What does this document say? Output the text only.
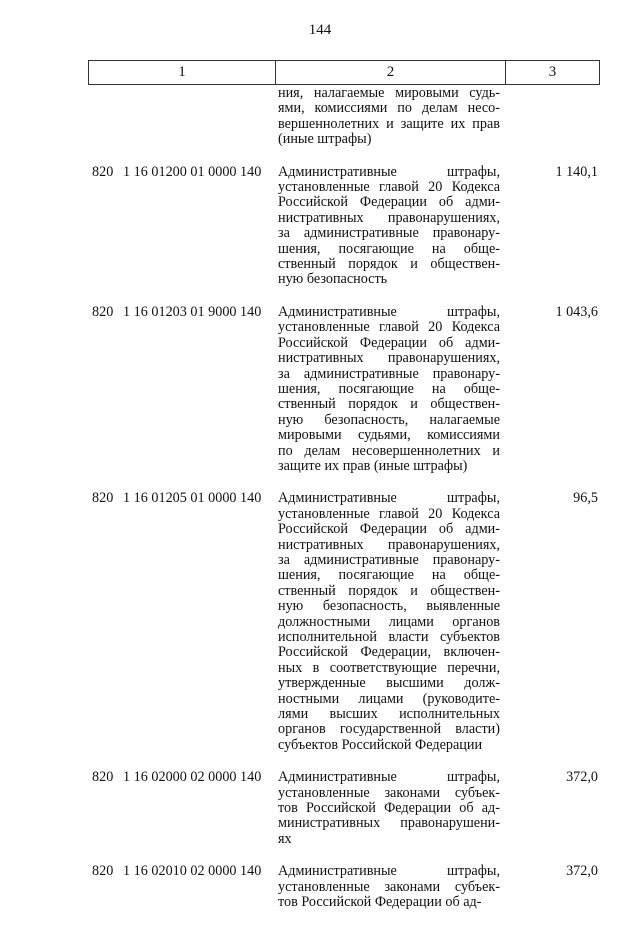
144
1	2	3
ния, налагаемые мировыми судь-
ями, комиссиями по делам несо-
вершеннолетних и защите их прав
(иные штрафы)
820 1 16 01200 01 0000 140	Административные штрафы,
установленные главой 20 Кодекса
Российской Федерации об адми-
нистративных правонарушениях,
за административные правонару-
шения, посягающие на обще-
ственный порядок и обществен-
ную безопасность
1 140,1
820 1 16 01203 01 9000 140	Административные штрафы,
установленные главой 20 Кодекса
Российской Федерации об адми-
нистративных правонарушениях,
за административные правонару-
шения, посягающие на обще-
ственный порядок и обществен-
ную безопасность, налагаемые
мировыми судьями, комиссиями
по делам несовершеннолетних и
защите их прав (иные штрафы)
1 043,6
820 1 16 01205 01 0000 140	Административные штрафы,
установленные главой 20 Кодекса
Российской Федерации об адми-
нистративных правонарушениях,
за административные правонару-
шения, посягающие на обще-
ственный порядок и обществен-
ную безопасность, выявленные
должностными лицами органов
исполнительной власти субъектов
Российской Федерации, включен-
ных в соответствующие перечни,
утвержденные высшими долж-
ностными лицами (руководите-
лями высших исполнительных
органов государственной власти)
субъектов Российской Федерации
96,5
820 1 16 02000 02 0000 140	Административные штрафы,
установленные законами субъек-
тов Российской Федерации об ад-
министративных правонарушени-
ях
372,0
820 1 16 02010 02 0000 140	Административные штрафы,
установленные законами субъек-
тов Российской Федерации об ад-
372,0
